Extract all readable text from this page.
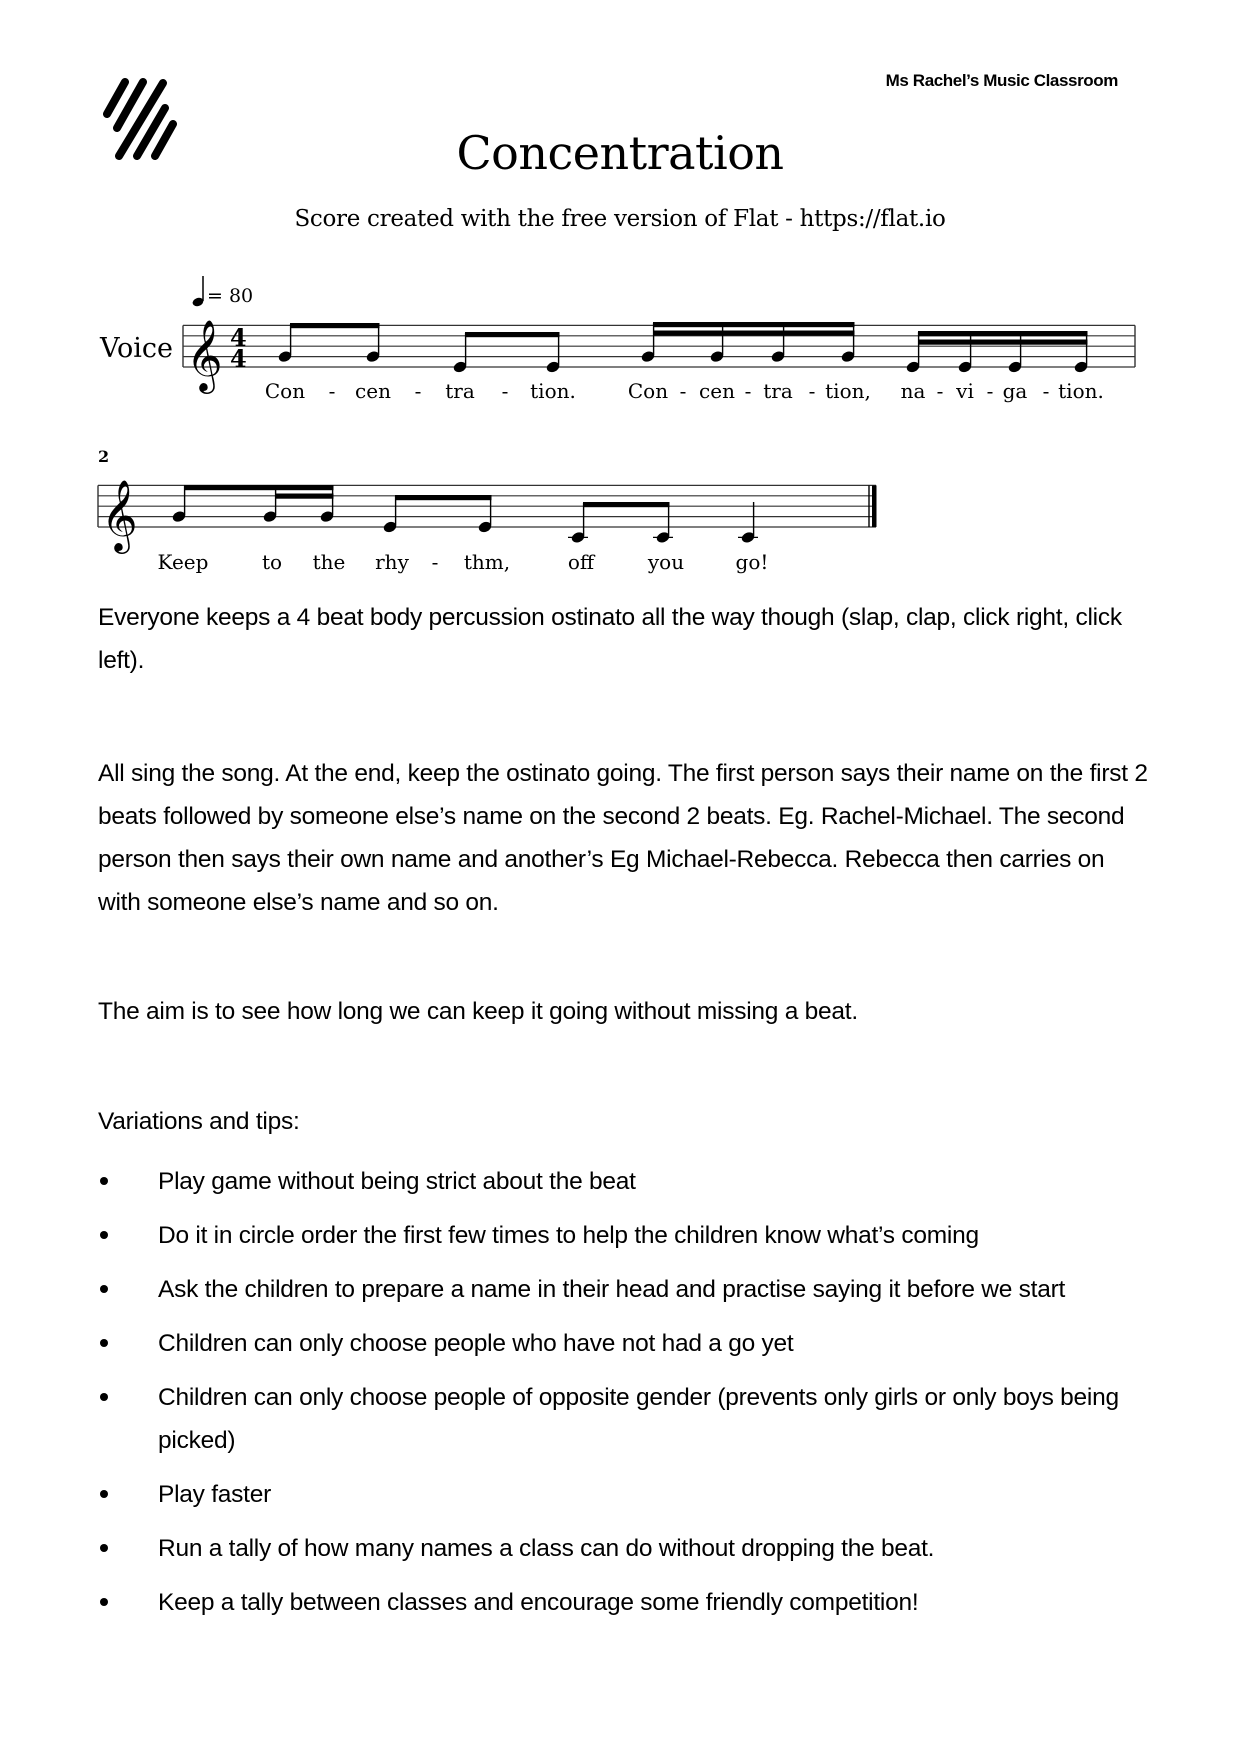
Ms Rachel’s Music Classroom
Concentration
Score created with the free version of Flat - https://flat.io
= 80
Voice 𝄞
𝄞
4
4
2
Con - cen - tra - tion.	Con - cen - tra - tion, na - vi - ga - tion.
Keep	to the rhy - thm,	off	you	go!

Everyone keeps a 4 beat body percussion ostinato all the way though (slap, clap, click right, click left).

All sing the song. At the end, keep the ostinato going. The first person says their name on the first 2 beats followed by someone else’s name on the second 2 beats. Eg. Rachel-Michael. The second person then says their own name and another’s Eg Michael-Rebecca. Rebecca then carries on with someone else’s name and so on.

The aim is to see how long we can keep it going without missing a beat.

Variations and tips:

Play game without being strict about the beat
Do it in circle order the first few times to help the children know what’s coming
Ask the children to prepare a name in their head and practise saying it before we start
Children can only choose people who have not had a go yet
Children can only choose people of opposite gender (prevents only girls or only boys being picked)
Play faster
Run a tally of how many names a class can do without dropping the beat.
Keep a tally between classes and encourage some friendly competition!
